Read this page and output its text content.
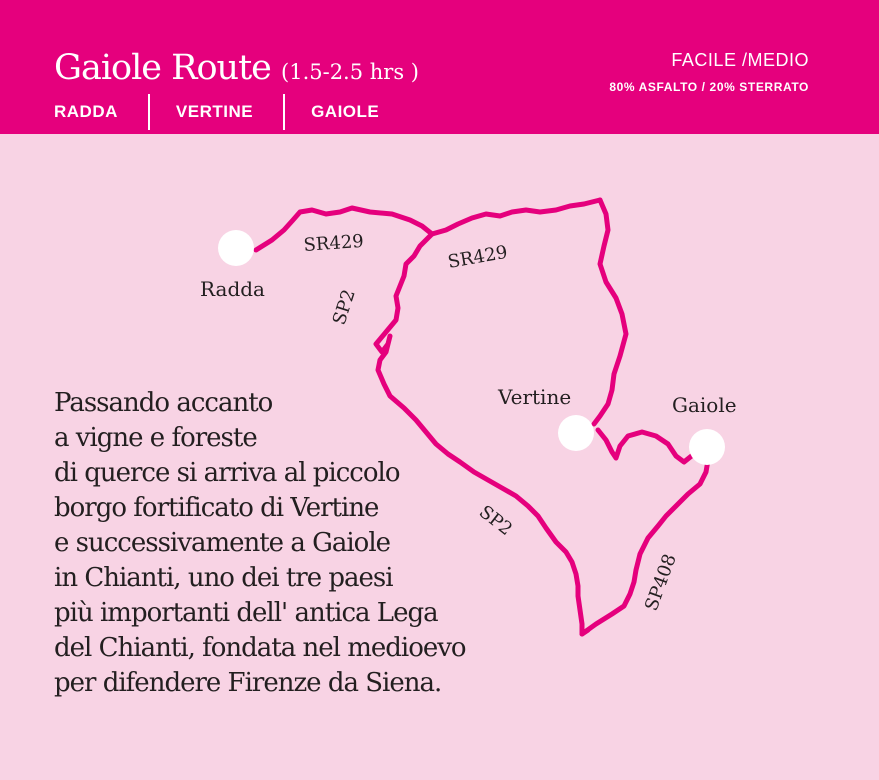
Gaiole Route (1.5-2.5 hrs )
RADDA	VERTINE	GAIOLE
FACILE /MEDIO
80% ASFALTO / 20% STERRATO
Radda
Vertine	Gaiole
SR429	SR429
SP2
SP2
SP408
Passando accanto
a vigne e foreste
di querce si arriva al piccolo
borgo fortificato di Vertine
e successivamente a Gaiole
in Chianti, uno dei tre paesi
più importanti dell' antica Lega
del Chianti, fondata nel medioevo
per difendere Firenze da Siena.
